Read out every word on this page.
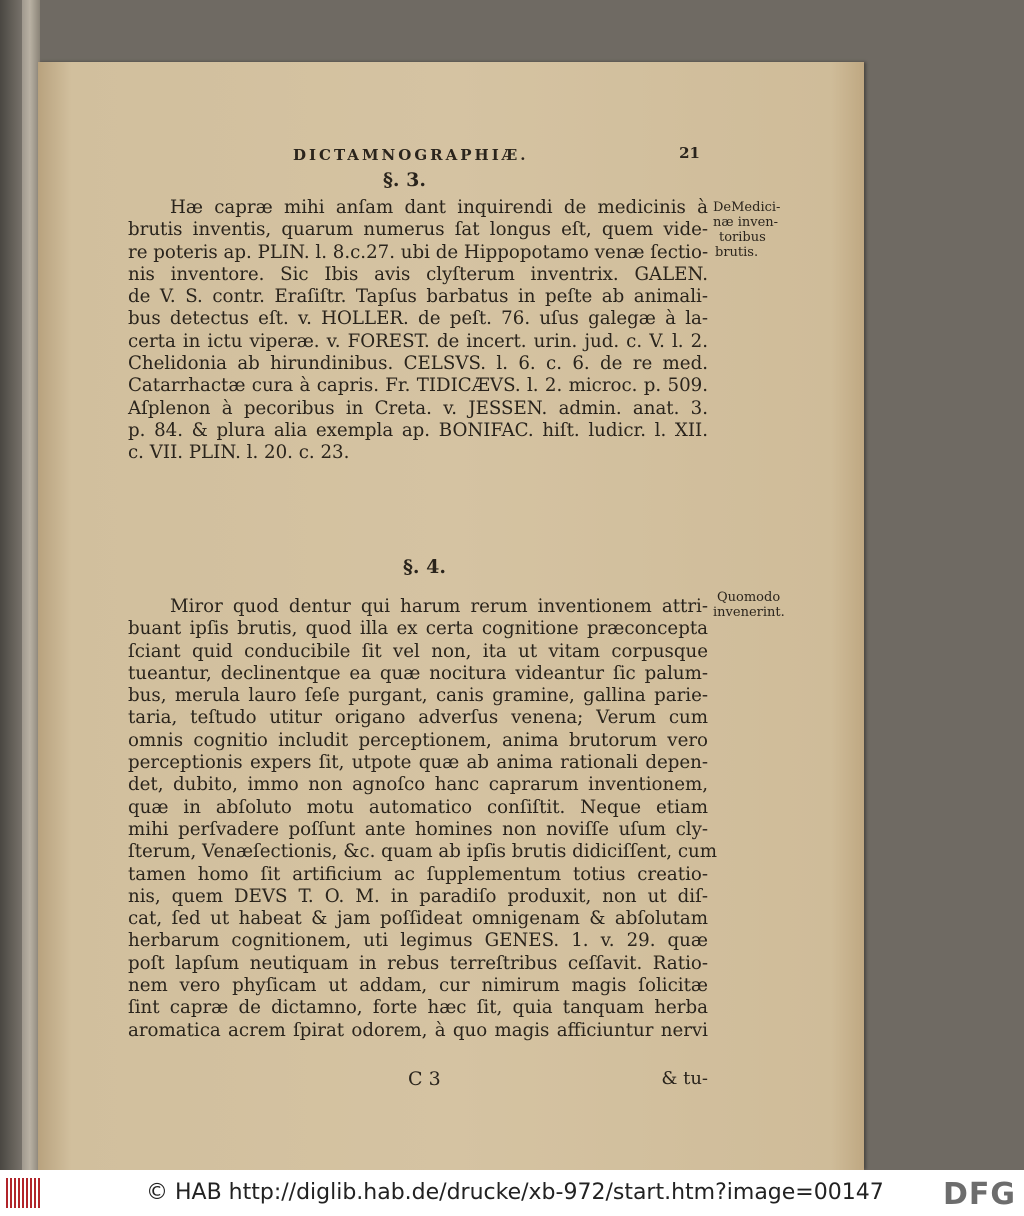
DICTAMNOGRAPHIÆ.	21
§. 3.
Hæ capræ mihi anſam dant inquirendi de medicinis à
brutis inventis, quarum numerus ſat longus eſt, quem vide-
re poteris ap. PLIN. l. 8.c.27. ubi de Hippopotamo venæ ſectio-
nis inventore. Sic Ibis avis clyſterum inventrix. GALEN.
de V. S. contr. Eraſiſtr. Tapſus barbatus in peſte ab animali-
bus detectus eſt. v. HOLLER. de peſt. 76. uſus galegæ à la-
certa in ictu viperæ. v. FOREST. de incert. urin. jud. c. V. l. 2.
Chelidonia ab hirundinibus. CELSVS. l. 6. c. 6. de re med.
Catarrhactæ cura à capris. Fr. TIDICÆVS. l. 2. microc. p. 509.
Aſplenon à pecoribus in Creta. v. JESSEN. admin. anat. 3.
p. 84. & plura alia exempla ap. BONIFAC. hiſt. ludicr. l. XII.
c. VII. PLIN. l. 20. c. 23.
DeMedici-
næ inven-
toribus
brutis.
§. 4.
Miror quod dentur qui harum rerum inventionem attri-
buant ipſis brutis, quod illa ex certa cognitione præconcepta
ſciant quid conducibile ſit vel non, ita ut vitam corpusque
tueantur, declinentque ea quæ nocitura videantur ſic palum-
bus, merula lauro ſeſe purgant, canis gramine, gallina parie-
taria, teſtudo utitur origano adverſus venena; Verum cum
omnis cognitio includit perceptionem, anima brutorum vero
perceptionis expers ſit, utpote quæ ab anima rationali depen-
det, dubito, immo non agnoſco hanc caprarum inventionem,
quæ in abſoluto motu automatico conſiſtit. Neque etiam
mihi perſvadere poſſunt ante homines non noviſſe uſum cly-
ſterum, Venæſectionis, &c. quam ab ipſis brutis didiciſſent, cum
tamen homo ſit artificium ac ſupplementum totius creatio-
nis, quem DEVS T. O. M. in paradiſo produxit, non ut diſ-
cat, ſed ut habeat & jam poſſideat omnigenam & abſolutam
herbarum cognitionem, uti legimus GENES. 1. v. 29. quæ
poſt lapſum neutiquam in rebus terreſtribus ceſſavit. Ratio-
nem vero phyſicam ut addam, cur nimirum magis ſolicitæ
ſint capræ de dictamno, forte hæc ſit, quia tanquam herba
aromatica acrem ſpirat odorem, à quo magis afficiuntur nervi
Quomodo
invenerint.
C 3	& tu-
© HAB http://diglib.hab.de/drucke/xb-972/start.htm?image=00147 DFG
